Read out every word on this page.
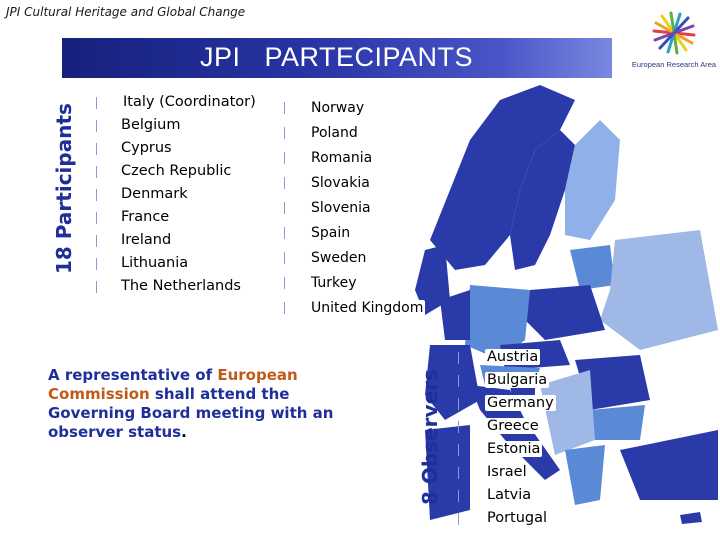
JPI Cultural Heritage and Global Change
European Research Area
JPI   PARTECIPANTS
18 Participants
8 Observers
Italy (Coordinator)
Belgium
Cyprus
Czech Republic
Denmark
France
Ireland
Lithuania
The Netherlands
Norway
Poland
Romania
Slovakia
Slovenia
Spain
Sweden
Turkey
United Kingdom
Austria
Bulgaria
Germany
Greece
Estonia
Israel
Latvia
Portugal
A representative of European
Commission shall attend the Governing Board meeting with an observer status.
